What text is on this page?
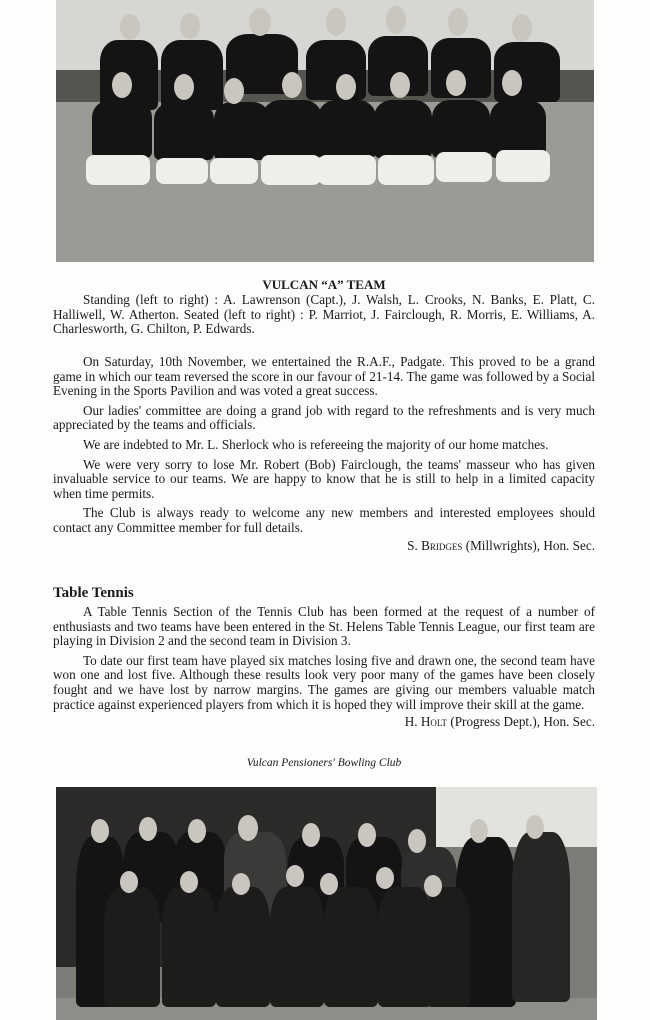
VULCAN “A” TEAM

Standing (left to right) : A. Lawrenson (Capt.), J. Walsh, L. Crooks, N. Banks, E. Platt, C. Halliwell, W. Atherton. Seated (left to right) : P. Marriot, J. Fairclough, R. Morris, E. Williams, A. Charlesworth, G. Chilton, P. Edwards.

On Saturday, 10th November, we entertained the R.A.F., Padgate. This proved to be a grand game in which our team reversed the score in our favour of 21-14. The game was followed by a Social Evening in the Sports Pavilion and was voted a great success.

Our ladies' committee are doing a grand job with regard to the refreshments and is very much appreciated by the teams and officials.

We are indebted to Mr. L. Sherlock who is refereeing the majority of our home matches.

We were very sorry to lose Mr. Robert (Bob) Fairclough, the teams' masseur who has given invaluable service to our teams. We are happy to know that he is still to help in a limited capacity when time permits.

The Club is always ready to welcome any new members and interested employees should contact any Committee member for full details.

S. Bridges (Millwrights), Hon. Sec.
Table Tennis

A Table Tennis Section of the Tennis Club has been formed at the request of a number of enthusiasts and two teams have been entered in the St. Helens Table Tennis League, our first team are playing in Division 2 and the second team in Division 3.

To date our first team have played six matches losing five and drawn one, the second team have won one and lost five. Although these results look very poor many of the games have been closely fought and we have lost by narrow margins. The games are giving our members valuable match practice against experienced players from which it is hoped they will improve their skill at the game.

H. Holt (Progress Dept.), Hon. Sec.
Vulcan Pensioners' Bowling Club
